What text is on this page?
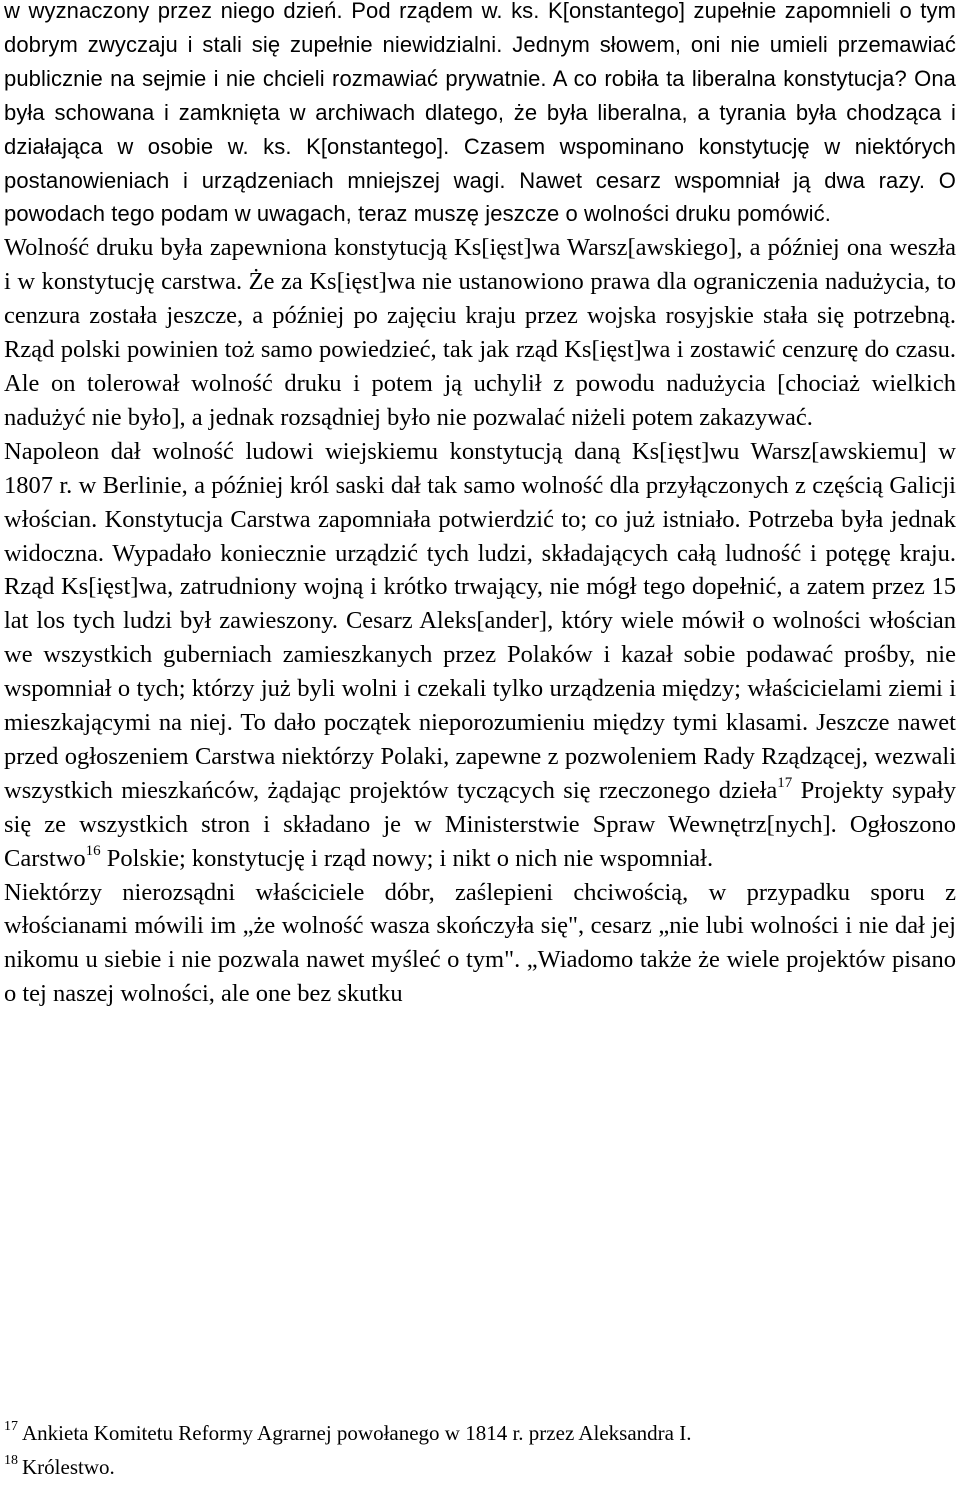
w wyznaczony przez niego dzień. Pod rządem w. ks. K[onstantego] zupełnie zapomnieli o tym dobrym zwyczaju i stali się zupełnie niewidzialni. Jednym słowem, oni nie umieli przemawiać publicznie na sejmie i nie chcieli rozmawiać prywatnie. A co robiła ta liberalna konstytucja? Ona była schowana i zamknięta w archiwach dlatego, że była liberalna, a tyrania była chodząca i działająca w osobie w. ks. K[onstantego]. Czasem wspominano konstytucję w niektórych postanowieniach i urządzeniach mniejszej wagi. Nawet cesarz wspomniał ją dwa razy. O powodach tego podam w uwagach, teraz muszę jeszcze o wolności druku pomówić.

Wolność druku była zapewniona konstytucją Ks[ięst]wa Warsz[awskiego], a później ona weszła i w konstytucję carstwa. Że za Ks[ięst]wa nie ustanowiono prawa dla ograniczenia nadużycia, to cenzura została jeszcze, a później po zajęciu kraju przez wojska rosyjskie stała się potrzebną. Rząd polski powinien toż samo powiedzieć, tak jak rząd Ks[ięst]wa i zostawić cenzurę do czasu. Ale on tolerował wolność druku i potem ją uchylił z powodu nadużycia [chociaż wielkich nadużyć nie było], a jednak rozsądniej było nie pozwalać niżeli potem zakazywać.

Napoleon dał wolność ludowi wiejskiemu konstytucją daną Ks[ięst]wu Warsz[awskiemu] w 1807 r. w Berlinie, a później król saski dał tak samo wolność dla przyłączonych z częścią Galicji włościan. Konstytucja Carstwa zapomniała potwierdzić to; co już istniało. Potrzeba była jednak widoczna. Wypadało koniecznie urządzić tych ludzi, składających całą ludność i potęgę kraju. Rząd Ks[ięst]wa, zatrudniony wojną i krótko trwający, nie mógł tego dopełnić, a zatem przez 15 lat los tych ludzi był zawieszony. Cesarz Aleks[ander], który wiele mówił o wolności włościan we wszystkich guberniach zamieszkanych przez Polaków i kazał sobie podawać prośby, nie wspomniał o tych; którzy już byli wolni i czekali tylko urządzenia między; właścicielami ziemi i mieszkającymi na niej. To dało początek nieporozumieniu między tymi klasami. Jeszcze nawet przed ogłoszeniem Carstwa niektórzy Polaki, zapewne z pozwoleniem Rady Rządzącej, wezwali wszystkich mieszkańców, żądając projektów tyczących się rzeczonego dzieła$^{17}$ Projekty sypały się ze wszystkich stron i składano je w Ministerstwie Spraw Wewnętrz[nych]. Ogłoszono Carstwo$^{16}$ Polskie; konstytucję i rząd nowy; i nikt o nich nie wspomniał.

Niektórzy nierozsądni właściciele dóbr, zaślepieni chciwością, w przypadku sporu z włościanami mówili im „że wolność wasza skończyła się", cesarz „nie lubi wolności i nie dał jej nikomu u siebie i nie pozwala nawet myśleć o tym". „Wiadomo także że wiele projektów pisano o tej naszej wolności, ale one bez skutku

$^{17}$ Ankieta Komitetu Reformy Agrarnej powołanego w 1814 r. przez Aleksandra I.
$^{18}$ Królestwo.
